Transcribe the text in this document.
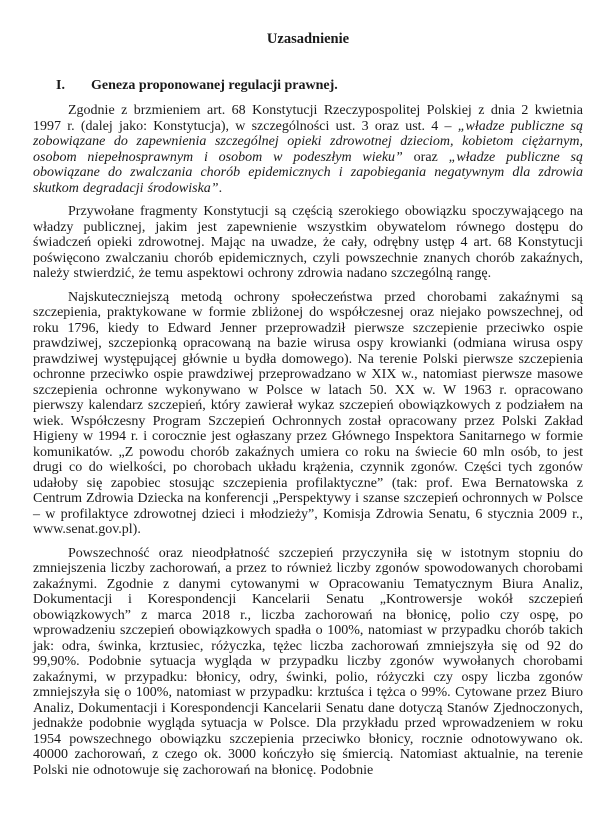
Uzasadnienie
I. Geneza proponowanej regulacji prawnej.

Zgodnie z brzmieniem art. 68 Konstytucji Rzeczypospolitej Polskiej z dnia 2 kwietnia 1997 r. (dalej jako: Konstytucja), w szczególności ust. 3 oraz ust. 4 – „władze publiczne są zobowiązane do zapewnienia szczególnej opieki zdrowotnej dzieciom, kobietom ciężarnym, osobom niepełnosprawnym i osobom w podeszłym wieku” oraz „władze publiczne są obowiązane do zwalczania chorób epidemicznych i zapobiegania negatywnym dla zdrowia skutkom degradacji środowiska”.

Przywołane fragmenty Konstytucji są częścią szerokiego obowiązku spoczywającego na władzy publicznej, jakim jest zapewnienie wszystkim obywatelom równego dostępu do świadczeń opieki zdrowotnej. Mając na uwadze, że cały, odrębny ustęp 4 art. 68 Konstytucji poświęcono zwalczaniu chorób epidemicznych, czyli powszechnie znanych chorób zakaźnych, należy stwierdzić, że temu aspektowi ochrony zdrowia nadano szczególną rangę.

Najskuteczniejszą metodą ochrony społeczeństwa przed chorobami zakaźnymi są szczepienia, praktykowane w formie zbliżonej do współczesnej oraz niejako powszechnej, od roku 1796, kiedy to Edward Jenner przeprowadził pierwsze szczepienie przeciwko ospie prawdziwej, szczepionką opracowaną na bazie wirusa ospy krowianki (odmiana wirusa ospy prawdziwej występującej głównie u bydła domowego). Na terenie Polski pierwsze szczepienia ochronne przeciwko ospie prawdziwej przeprowadzano w XIX w., natomiast pierwsze masowe szczepienia ochronne wykonywano w Polsce w latach 50. XX w. W 1963 r. opracowano pierwszy kalendarz szczepień, który zawierał wykaz szczepień obowiązkowych z podziałem na wiek. Współczesny Program Szczepień Ochronnych został opracowany przez Polski Zakład Higieny w 1994 r. i corocznie jest ogłaszany przez Głównego Inspektora Sanitarnego w formie komunikatów. „Z powodu chorób zakaźnych umiera co roku na świecie 60 mln osób, to jest drugi co do wielkości, po chorobach układu krążenia, czynnik zgonów. Części tych zgonów udałoby się zapobiec stosując szczepienia profilaktyczne” (tak: prof. Ewa Bernatowska z Centrum Zdrowia Dziecka na konferencji „Perspektywy i szanse szczepień ochronnych w Polsce – w profilaktyce zdrowotnej dzieci i młodzieży”, Komisja Zdrowia Senatu, 6 stycznia 2009 r., www.senat.gov.pl).

Powszechność oraz nieodpłatność szczepień przyczyniła się w istotnym stopniu do zmniejszenia liczby zachorowań, a przez to również liczby zgonów spowodowanych chorobami zakaźnymi. Zgodnie z danymi cytowanymi w Opracowaniu Tematycznym Biura Analiz, Dokumentacji i Korespondencji Kancelarii Senatu „Kontrowersje wokół szczepień obowiązkowych” z marca 2018 r., liczba zachorowań na błonicę, polio czy ospę, po wprowadzeniu szczepień obowiązkowych spadła o 100%, natomiast w przypadku chorób takich jak: odra, świnka, krztusiec, różyczka, tężec liczba zachorowań zmniejszyła się od 92 do 99,90%. Podobnie sytuacja wygląda w przypadku liczby zgonów wywołanych chorobami zakaźnymi, w przypadku: błonicy, odry, świnki, polio, różyczki czy ospy liczba zgonów zmniejszyła się o 100%, natomiast w przypadku: krztuśca i tężca o 99%. Cytowane przez Biuro Analiz, Dokumentacji i Korespondencji Kancelarii Senatu dane dotyczą Stanów Zjednoczonych, jednakże podobnie wygląda sytuacja w Polsce. Dla przykładu przed wprowadzeniem w roku 1954 powszechnego obowiązku szczepienia przeciwko błonicy, rocznie odnotowywano ok. 40000 zachorowań, z czego ok. 3000 kończyło się śmiercią. Natomiast aktualnie, na terenie Polski nie odnotowuje się zachorowań na błonicę. Podobnie
